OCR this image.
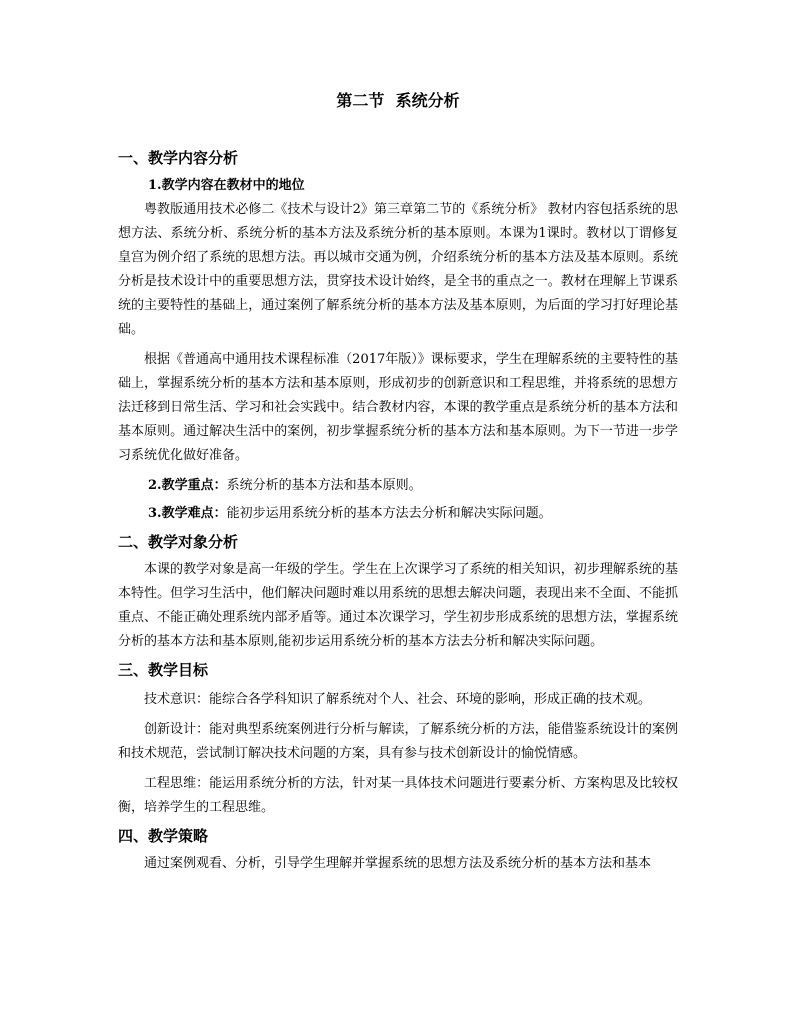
第二节  系统分析
一、教学内容分析
1.教学内容在教材中的地位

粤教版通用技术必修二《技术与设计2》第三章第二节的《系统分析》 教材内容包括系统的思想方法、系统分析、系统分析的基本方法及系统分析的基本原则。本课为1课时。教材以丁谓修复皇宫为例介绍了系统的思想方法。再以城市交通为例，介绍系统分析的基本方法及基本原则。系统分析是技术设计中的重要思想方法，贯穿技术设计始终，是全书的重点之一。教材在理解上节课系统的主要特性的基础上，通过案例了解系统分析的基本方法及基本原则，为后面的学习打好理论基础。

根据《普通高中通用技术课程标准（2017年版）》课标要求，学生在理解系统的主要特性的基础上，掌握系统分析的基本方法和基本原则，形成初步的创新意识和工程思维，并将系统的思想方法迁移到日常生活、学习和社会实践中。结合教材内容，本课的教学重点是系统分析的基本方法和基本原则。通过解决生活中的案例，初步掌握系统分析的基本方法和基本原则。为下一节进一步学习系统优化做好准备。

2.教学重点：系统分析的基本方法和基本原则。
3.教学难点：能初步运用系统分析的基本方法去分析和解决实际问题。
二、教学对象分析

本课的教学对象是高一年级的学生。学生在上次课学习了系统的相关知识，初步理解系统的基本特性。但学习生活中，他们解决问题时难以用系统的思想去解决问题，表现出来不全面、不能抓重点、不能正确处理系统内部矛盾等。通过本次课学习，学生初步形成系统的思想方法，掌握系统分析的基本方法和基本原则,能初步运用系统分析的基本方法去分析和解决实际问题。

三、教学目标

技术意识：能综合各学科知识了解系统对个人、社会、环境的影响，形成正确的技术观。

创新设计：能对典型系统案例进行分析与解读，了解系统分析的方法，能借鉴系统设计的案例和技术规范，尝试制订解决技术问题的方案，具有参与技术创新设计的愉悦情感。

工程思维：能运用系统分析的方法，针对某一具体技术问题进行要素分析、方案构思及比较权衡，培养学生的工程思维。

四、教学策略

通过案例观看、分析，引导学生理解并掌握系统的思想方法及系统分析的基本方法和基本
